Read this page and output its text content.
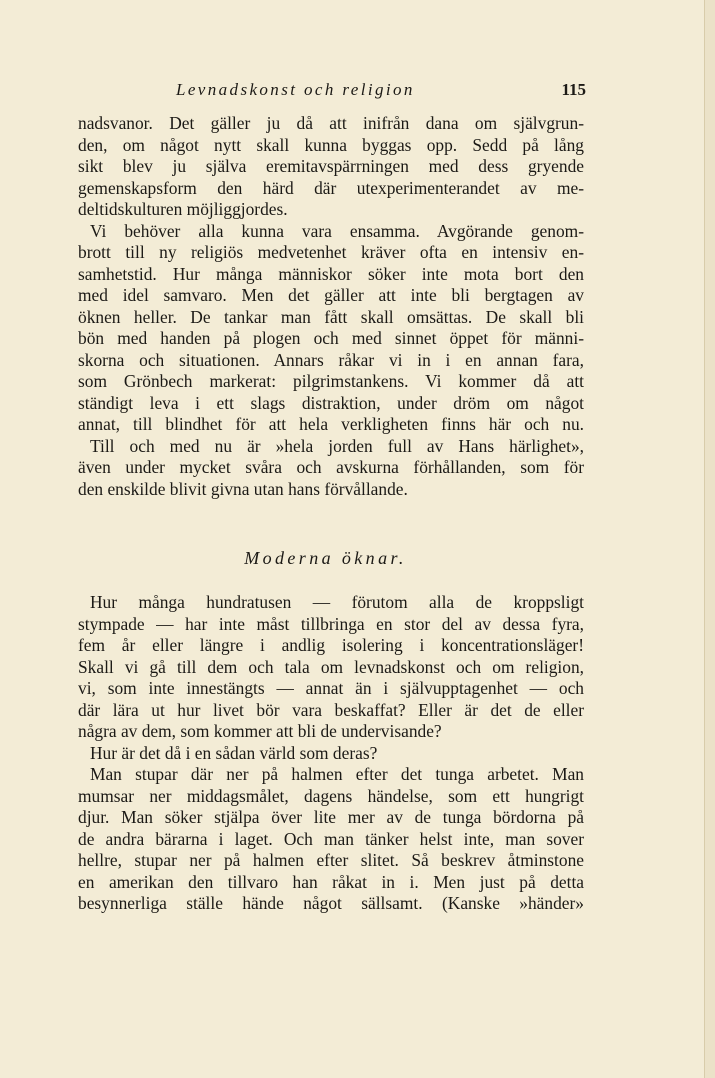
Levnadskonst och religion	115
nadsvanor. Det gäller ju då att inifrån dana om självgrun-
den, om något nytt skall kunna byggas opp. Sedd på lång
sikt blev ju själva eremitavspärrningen med dess gryende
gemenskapsform den härd där utexperimenterandet av me-
deltidskulturen möjliggjordes.
Vi behöver alla kunna vara ensamma. Avgörande genom-
brott till ny religiös medvetenhet kräver ofta en intensiv en-
samhetstid. Hur många människor söker inte mota bort den
med idel samvaro. Men det gäller att inte bli bergtagen av
öknen heller. De tankar man fått skall omsättas. De skall bli
bön med handen på plogen och med sinnet öppet för männi-
skorna och situationen. Annars råkar vi in i en annan fara,
som Grönbech markerat: pilgrimstankens. Vi kommer då att
ständigt leva i ett slags distraktion, under dröm om något
annat, till blindhet för att hela verkligheten finns här och nu.
Till och med nu är »hela jorden full av Hans härlighet»,
även under mycket svåra och avskurna förhållanden, som för
den enskilde blivit givna utan hans förvållande.
Moderna öknar.
Hur många hundratusen — förutom alla de kroppsligt
stympade — har inte måst tillbringa en stor del av dessa fyra,
fem år eller längre i andlig isolering i koncentrationsläger!
Skall vi gå till dem och tala om levnadskonst och om religion,
vi, som inte innestängts — annat än i självupptagenhet — och
där lära ut hur livet bör vara beskaffat? Eller är det de eller
några av dem, som kommer att bli de undervisande?
Hur är det då i en sådan värld som deras?
Man stupar där ner på halmen efter det tunga arbetet. Man
mumsar ner middagsmålet, dagens händelse, som ett hungrigt
djur. Man söker stjälpa över lite mer av de tunga bördorna på
de andra bärarna i laget. Och man tänker helst inte, man sover
hellre, stupar ner på halmen efter slitet. Så beskrev åtminstone
en amerikan den tillvaro han råkat in i. Men just på detta
besynnerliga ställe hände något sällsamt. (Kanske »händer»
